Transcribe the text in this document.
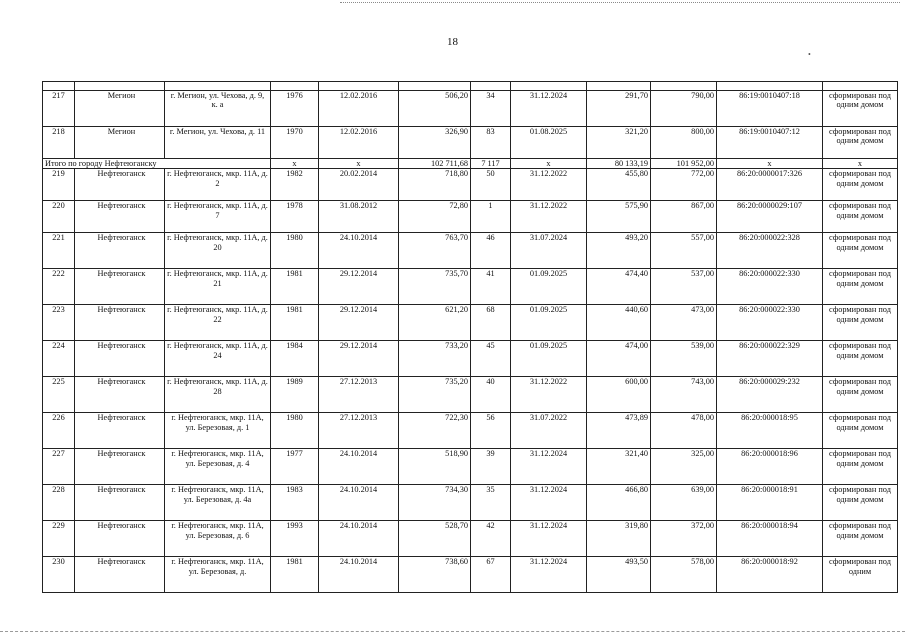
18
•

217	Мегион	г. Мегион, ул. Чехова, д. 9, к. а	1976	12.02.2016	506,20	34	31.12.2024	291,70	790,00	86:19:0010407:18	сформирован под одним домом
218	Мегион	г. Мегион, ул. Чехова, д. 11	1970	12.02.2016	326,90	83	01.08.2025	321,20	800,00	86:19:0010407:12	сформирован под одним домом
Итого по городу Нефтеюганску			х	х	102 711,68	7 117	х	80 133,19	101 952,00	х	х
219	Нефтеюганск	г. Нефтеюганск, мкр. 11А, д. 2	1982	20.02.2014	718,80	50	31.12.2022	455,80	772,00	86:20:0000017:326	сформирован под одним домом
220	Нефтеюганск	г. Нефтеюганск, мкр. 11А, д. 7	1978	31.08.2012	72,80	1	31.12.2022	575,90	867,00	86:20:0000029:107	сформирован под одним домом
221	Нефтеюганск	г. Нефтеюганск, мкр. 11А, д. 20	1980	24.10.2014	763,70	46	31.07.2024	493,20	557,00	86:20:000022:328	сформирован под одним домом
222	Нефтеюганск	г. Нефтеюганск, мкр. 11А, д. 21	1981	29.12.2014	735,70	41	01.09.2025	474,40	537,00	86:20:000022:330	сформирован под одним домом
223	Нефтеюганск	г. Нефтеюганск, мкр. 11А, д. 22	1981	29.12.2014	621,20	68	01.09.2025	440,60	473,00	86:20:000022:330	сформирован под одним домом
224	Нефтеюганск	г. Нефтеюганск, мкр. 11А, д. 24	1984	29.12.2014	733,20	45	01.09.2025	474,00	539,00	86:20:000022:329	сформирован под одним домом
225	Нефтеюганск	г. Нефтеюганск, мкр. 11А, д. 28	1989	27.12.2013	735,20	40	31.12.2022	600,00	743,00	86:20:000029:232	сформирован под одним домом
226	Нефтеюганск	г. Нефтеюганск, мкр. 11А, ул. Березовая, д. 1	1980	27.12.2013	722,30	56	31.07.2022	473,89	478,00	86:20:000018:95	сформирован под одним домом
227	Нефтеюганск	г. Нефтеюганск, мкр. 11А, ул. Березовая, д. 4	1977	24.10.2014	518,90	39	31.12.2024	321,40	325,00	86:20:000018:96	сформирован под одним домом
228	Нефтеюганск	г. Нефтеюганск, мкр. 11А, ул. Березовая, д. 4а	1983	24.10.2014	734,30	35	31.12.2024	466,80	639,00	86:20:000018:91	сформирован под одним домом
229	Нефтеюганск	г. Нефтеюганск, мкр. 11А, ул. Березовая, д. 6	1993	24.10.2014	528,70	42	31.12.2024	319,80	372,00	86:20:000018:94	сформирован под одним домом
230	Нефтеюганск	г. Нефтеюганск, мкр. 11А, ул. Березовая, д.	1981	24.10.2014	738,60	67	31.12.2024	493,50	578,00	86:20:000018:92	сформирован под одним
